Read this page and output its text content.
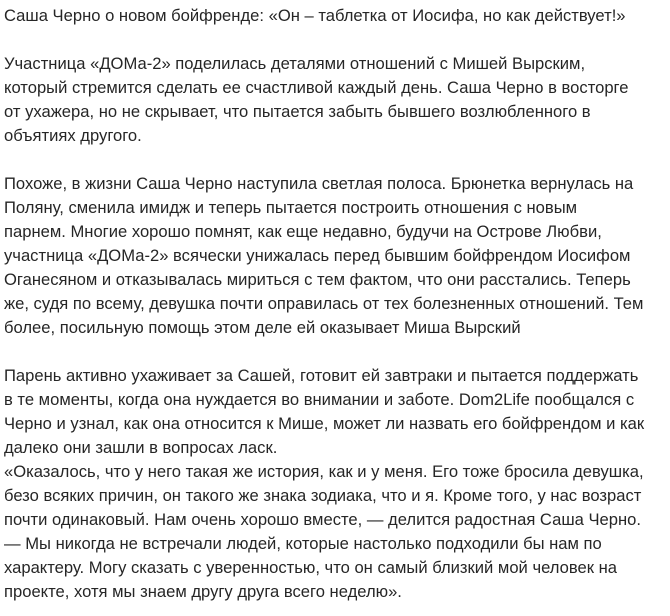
Саша Черно о новом бойфренде: «Он – таблетка от Иосифа, но как действует!»

Участница «ДОМа-2» поделилась деталями отношений с Мишей Вырским,

который стремится сделать ее счастливой каждый день. Саша Черно в восторге

от ухажера, но не скрывает, что пытается забыть бывшего возлюбленного в

объятиях другого.

Похоже, в жизни Саша Черно наступила светлая полоса. Брюнетка вернулась на

Поляну, сменила имидж и теперь пытается построить отношения с новым

парнем. Многие хорошо помнят, как еще недавно, будучи на Острове Любви,

участница «ДОМа-2» всячески унижалась перед бывшим бойфрендом Иосифом

Оганесяном и отказывалась мириться с тем фактом, что они расстались. Теперь

же, судя по всему, девушка почти оправилась от тех болезненных отношений. Тем

более, посильную помощь этом деле ей оказывает Миша Вырский

Парень активно ухаживает за Сашей, готовит ей завтраки и пытается поддержать

в те моменты, когда она нуждается во внимании и заботе. Dom2Life пообщался с

Черно и узнал, как она относится к Мише, может ли назвать его бойфрендом и как

далеко они зашли в вопросах ласк.

«Оказалось, что у него такая же история, как и у меня. Его тоже бросила девушка,

безо всяких причин, он такого же знака зодиака, что и я. Кроме того, у нас возраст

почти одинаковый. Нам очень хорошо вместе, — делится радостная Саша Черно.

— Мы никогда не встречали людей, которые настолько подходили бы нам по

характеру. Могу сказать с уверенностью, что он самый близкий мой человек на

проекте, хотя мы знаем другу друга всего неделю».
